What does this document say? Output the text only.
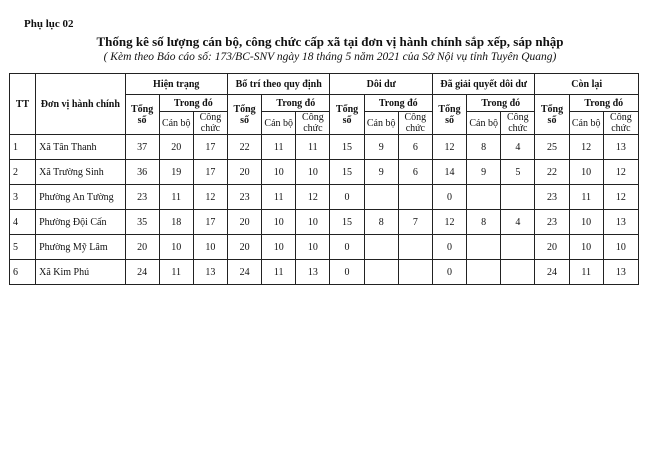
Phụ lục 02
Thống kê số lượng cán bộ, công chức cấp xã tại đơn vị hành chính sắp xếp, sáp nhập
( Kèm theo Báo cáo số: 173/BC-SNV ngày 18 tháng 5 năm 2021 của Sở Nội vụ tỉnh Tuyên Quang)
TT	Đơn vị hành chính	Hiện trạng			Bố trí theo quy định			Dôi dư			Đã giải quyết dôi dư			Còn lại		
		Tổng số	Trong đó		Tổng số	Trong đó		Tổng số	Trong đó		Tổng số	Trong đó		Tổng số	Trong đó	
			Cán bộ	Công chức		Cán bộ	Công chức		Cán bộ	Công chức		Cán bộ	Công chức		Cán bộ	Công chức
1	Xã Tân Thanh	37	20	17	22	11	11	15	9	6	12	8	4	25	12	13
2	Xã Trường Sinh	36	19	17	20	10	10	15	9	6	14	9	5	22	10	12
3	Phường An Tường	23	11	12	23	11	12	0			0			23	11	12
4	Phường Đội Cấn	35	18	17	20	10	10	15	8	7	12	8	4	23	10	13
5	Phường Mỹ Lâm	20	10	10	20	10	10	0			0			20	10	10
6	Xã Kim Phú	24	11	13	24	11	13	0			0			24	11	13
